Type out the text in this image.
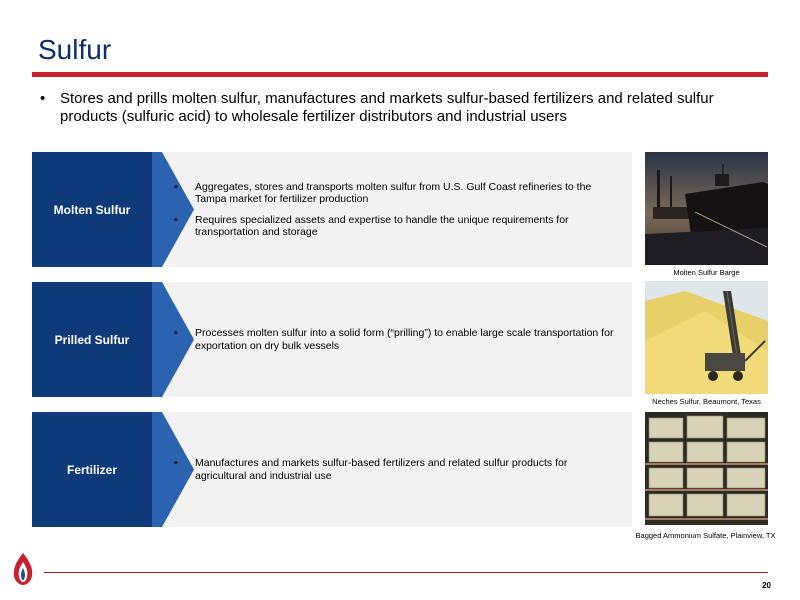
Sulfur
• Stores and prills molten sulfur, manufactures and markets sulfur-based fertilizers and related sulfur products (sulfuric acid) to wholesale fertilizer distributors and industrial users
Molten Sulfur
• Aggregates, stores and transports molten sulfur from U.S. Gulf Coast refineries to the Tampa market for fertilizer production
• Requires specialized assets and expertise to handle the unique requirements for transportation and storage
Prilled Sulfur	• Processes molten sulfur into a solid form (“prilling”) to enable large scale transportation for exportation on dry bulk vessels
Fertilizer	• Manufactures and markets sulfur-based fertilizers and related sulfur products for agricultural and industrial use
Molten Sulfur Barge
Neches Sulfur, Beaumont, Texas
Bagged Ammonium Sulfate, Plainview, TX
20
